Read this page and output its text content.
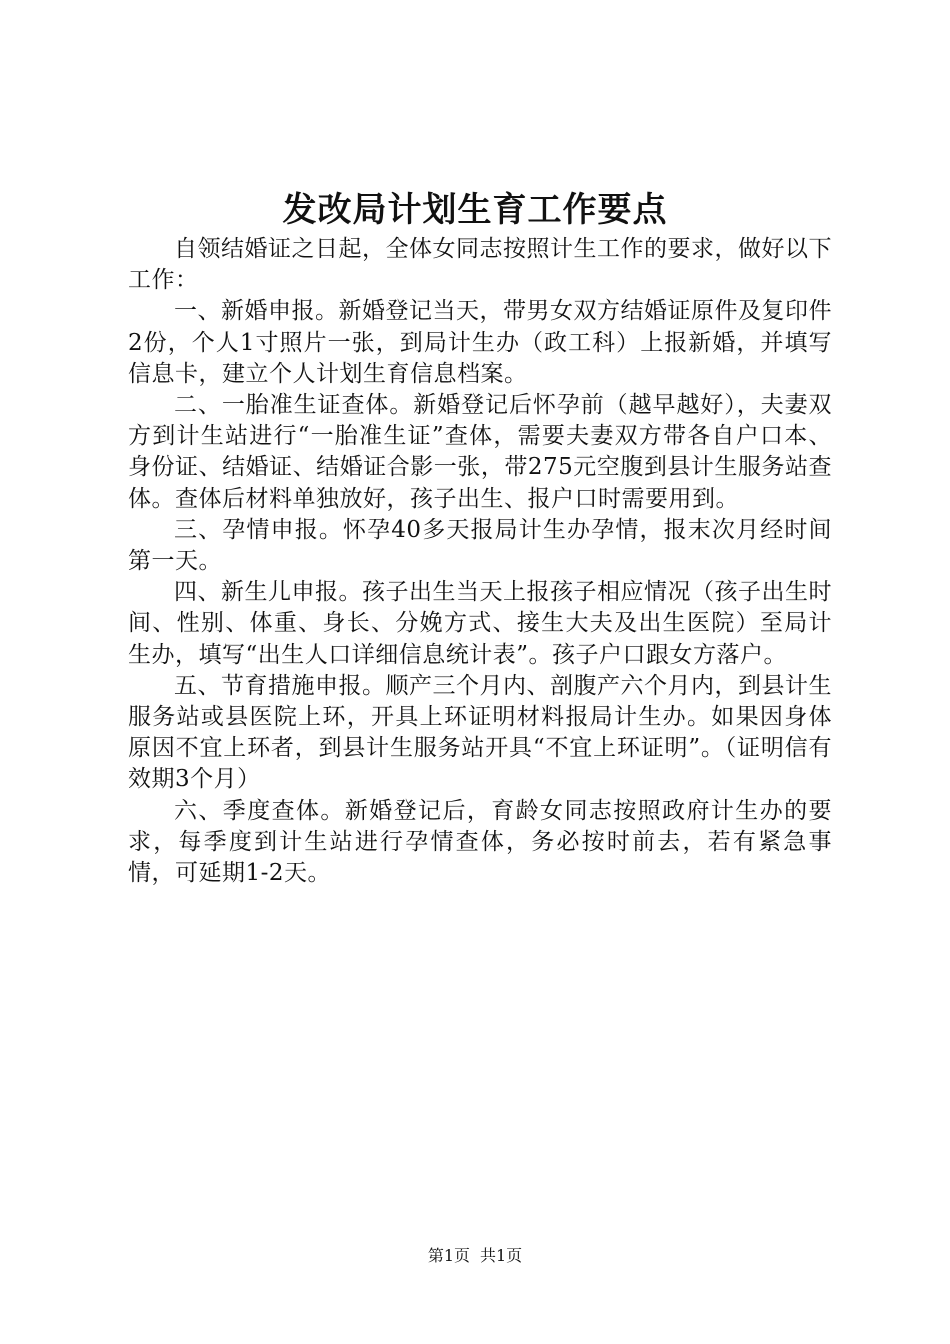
发改局计划生育工作要点

自领结婚证之日起，全体女同志按照计生工作的要求，做好以下工作：

一、新婚申报。新婚登记当天，带男女双方结婚证原件及复印件2份，个人1寸照片一张，到局计生办（政工科）上报新婚，并填写信息卡，建立个人计划生育信息档案。

二、一胎准生证查体。新婚登记后怀孕前（越早越好），夫妻双方到计生站进行“一胎准生证”查体，需要夫妻双方带各自户口本、身份证、结婚证、结婚证合影一张，带275元空腹到县计生服务站查体。查体后材料单独放好，孩子出生、报户口时需要用到。

三、孕情申报。怀孕40多天报局计生办孕情，报末次月经时间第一天。

四、新生儿申报。孩子出生当天上报孩子相应情况（孩子出生时间、性别、体重、身长、分娩方式、接生大夫及出生医院）至局计生办，填写“出生人口详细信息统计表”。孩子户口跟女方落户。

五、节育措施申报。顺产三个月内、剖腹产六个月内，到县计生服务站或县医院上环，开具上环证明材料报局计生办。如果因身体原因不宜上环者，到县计生服务站开具“不宜上环证明”。（证明信有效期3个月）

六、季度查体。新婚登记后，育龄女同志按照政府计生办的要求，每季度到计生站进行孕情查体，务必按时前去，若有紧急事情，可延期1-2天。

第1页 共1页
